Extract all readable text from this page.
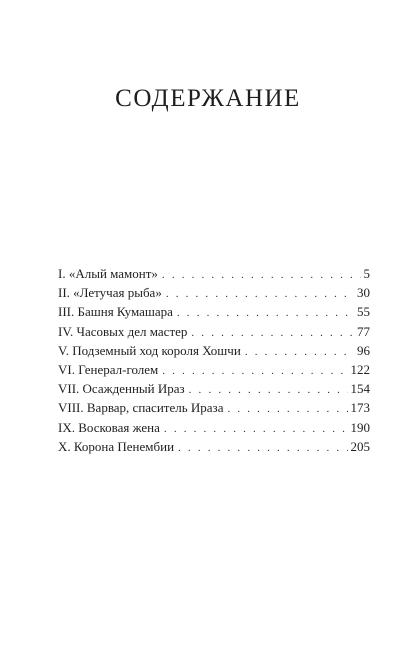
СОДЕРЖАНИЕ
I. «Алый мамонт» . . .	5
II. «Летучая рыба» . . .	30
III. Башня Кумашара . . .	55
IV. Часовых дел мастер . . .	77
V. Подземный ход короля Хошчи . . .	96
VI. Генерал-голем . . .	122
VII. Осажденный Ираз . . .	154
VIII. Варвар, спаситель Ираза . . .	173
IX. Восковая жена . . .	190
X. Корона Пенембии . . .	205
